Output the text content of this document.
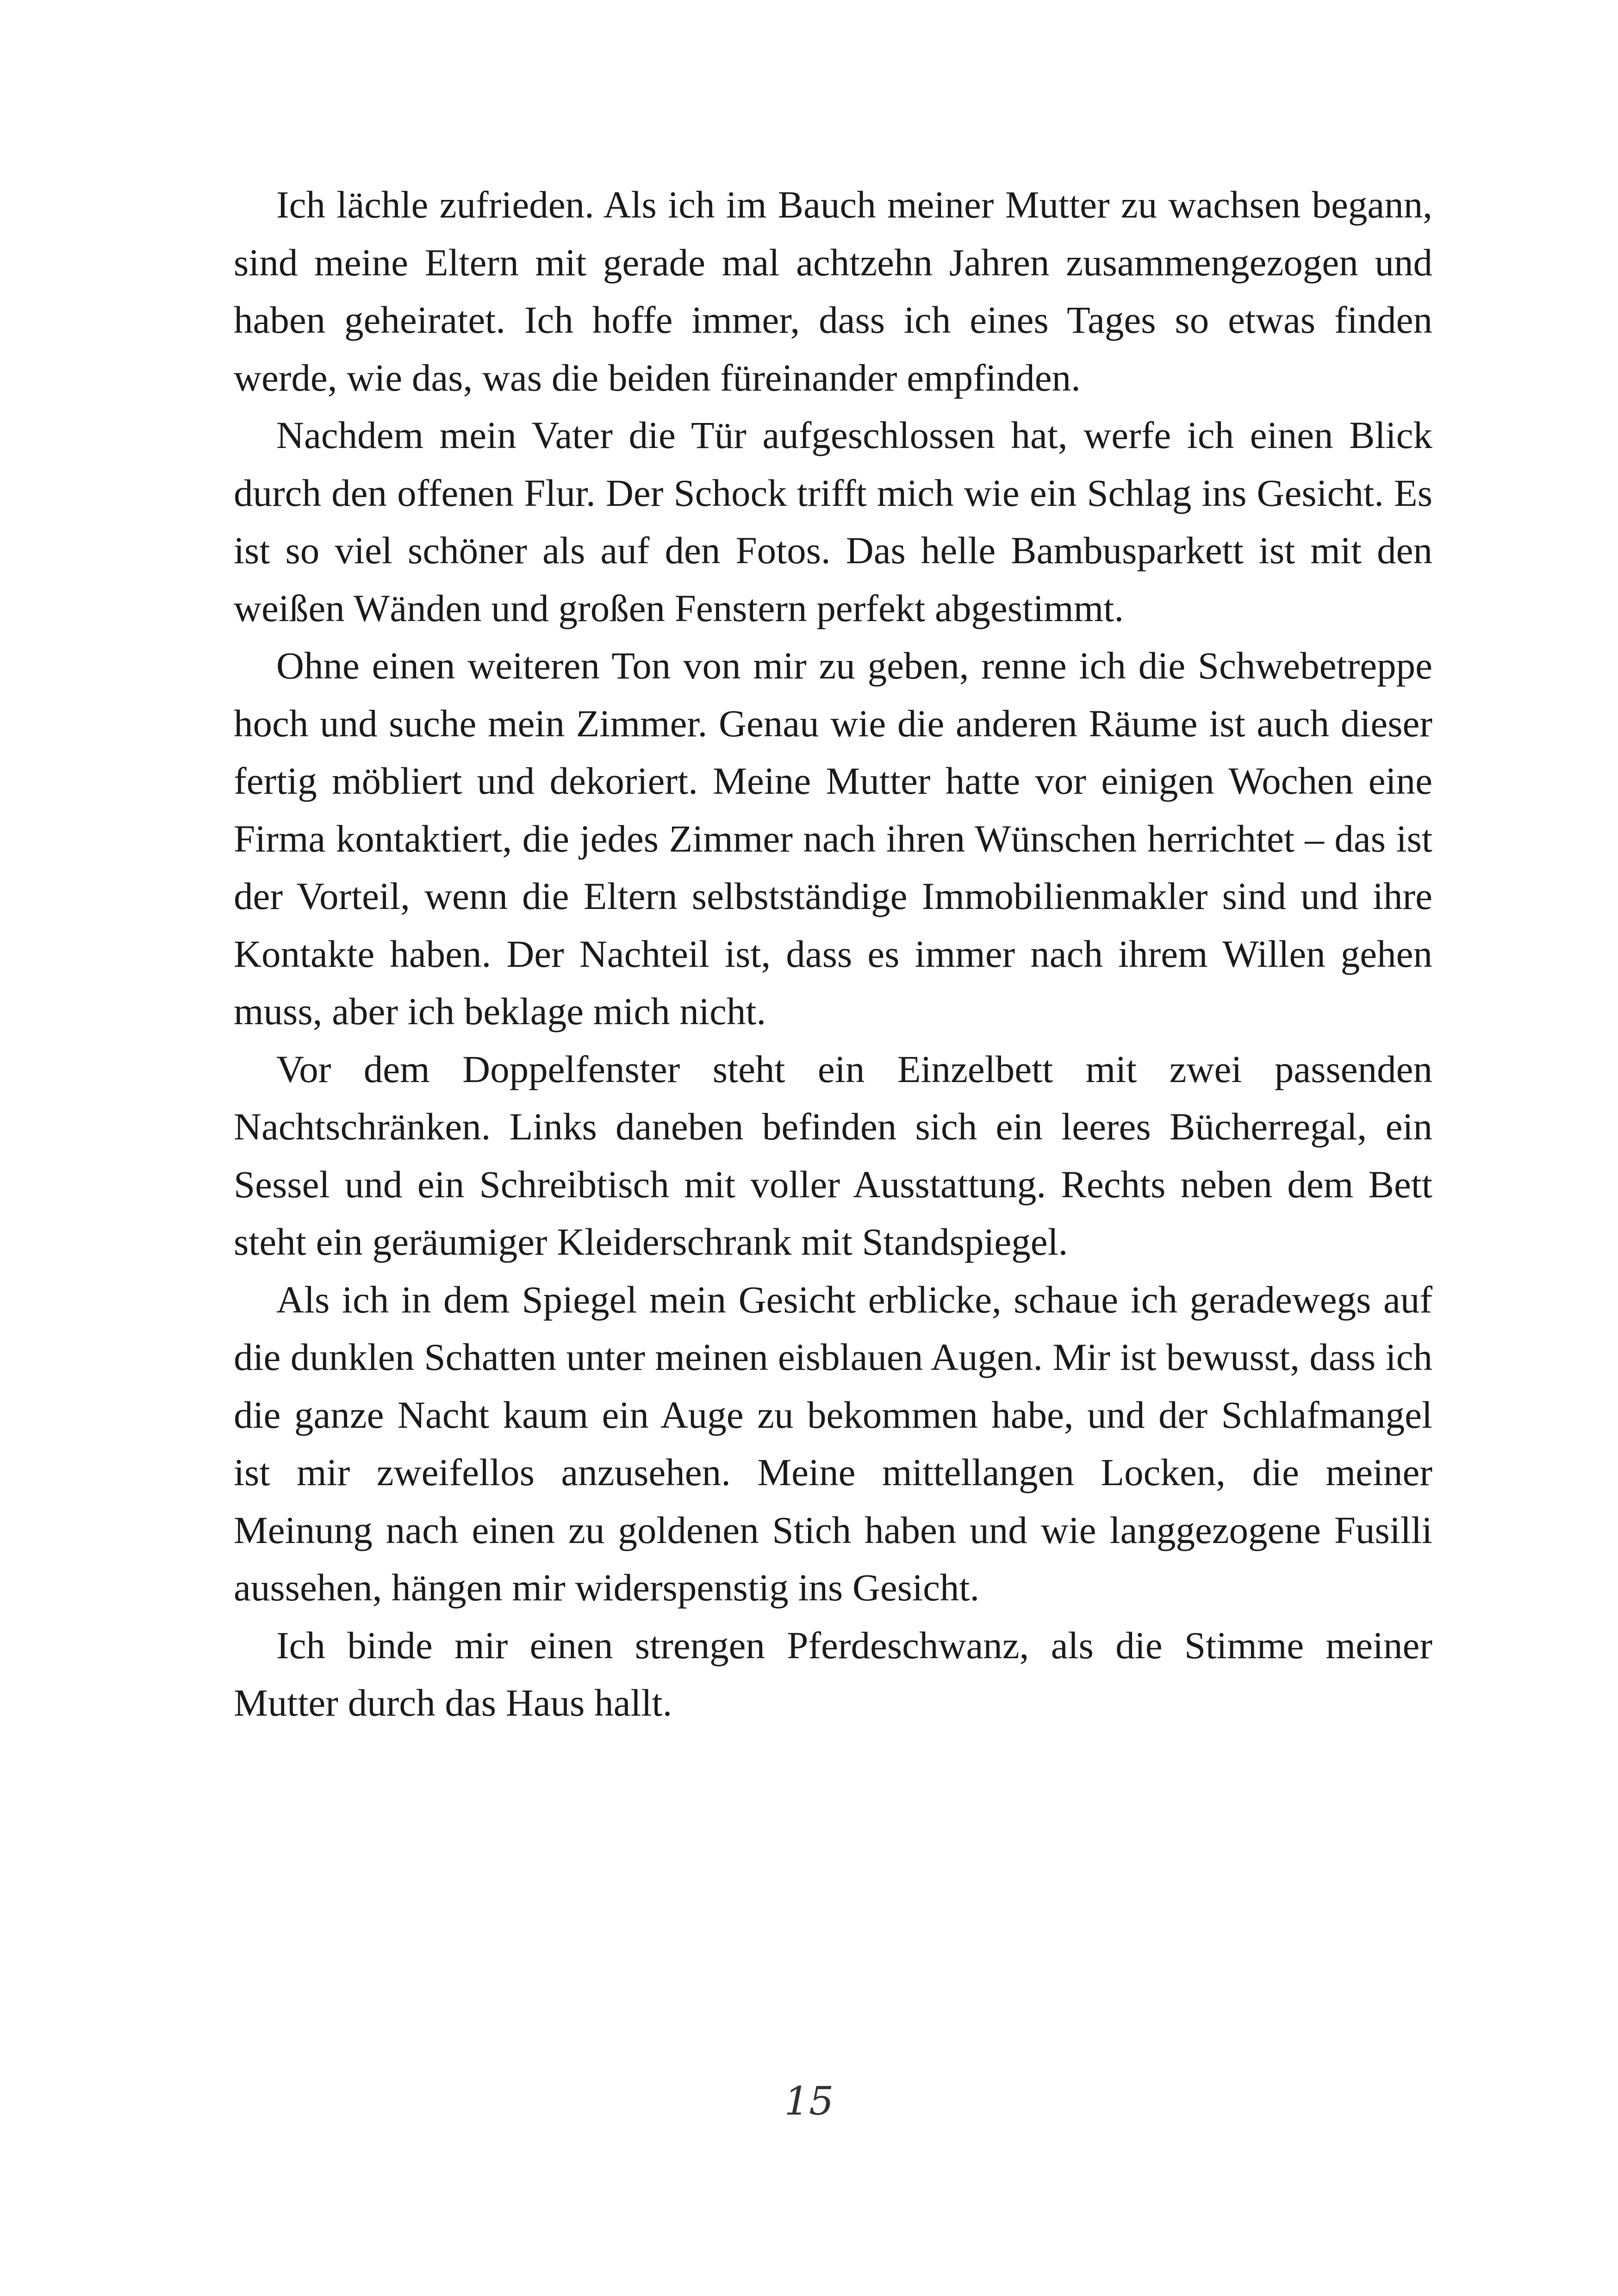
Ich lächle zufrieden. Als ich im Bauch meiner Mutter zu wachsen begann, sind meine Eltern mit gerade mal achtzehn Jahren zusammengezogen und haben geheiratet. Ich hoffe immer, dass ich eines Tages so etwas finden werde, wie das, was die beiden füreinander empfinden.

Nachdem mein Vater die Tür aufgeschlossen hat, werfe ich einen Blick durch den offenen Flur. Der Schock trifft mich wie ein Schlag ins Gesicht. Es ist so viel schöner als auf den Fotos. Das helle Bambusparkett ist mit den weißen Wänden und großen Fenstern perfekt abgestimmt.

Ohne einen weiteren Ton von mir zu geben, renne ich die Schwebetreppe hoch und suche mein Zimmer. Genau wie die anderen Räume ist auch dieser fertig möbliert und dekoriert. Meine Mutter hatte vor einigen Wochen eine Firma kontaktiert, die jedes Zimmer nach ihren Wünschen herrichtet – das ist der Vorteil, wenn die Eltern selbstständige Immobilienmakler sind und ihre Kontakte haben. Der Nachteil ist, dass es immer nach ihrem Willen gehen muss, aber ich beklage mich nicht.

Vor dem Doppelfenster steht ein Einzelbett mit zwei passenden Nachtschränken. Links daneben befinden sich ein leeres Bücherregal, ein Sessel und ein Schreibtisch mit voller Ausstattung. Rechts neben dem Bett steht ein geräumiger Kleiderschrank mit Standspiegel.

Als ich in dem Spiegel mein Gesicht erblicke, schaue ich geradewegs auf die dunklen Schatten unter meinen eisblauen Augen. Mir ist bewusst, dass ich die ganze Nacht kaum ein Auge zu bekommen habe, und der Schlafmangel ist mir zweifellos anzusehen. Meine mittellangen Locken, die meiner Meinung nach einen zu goldenen Stich haben und wie langgezogene Fusilli aussehen, hängen mir widerspenstig ins Gesicht.

Ich binde mir einen strengen Pferdeschwanz, als die Stimme meiner Mutter durch das Haus hallt.

15
